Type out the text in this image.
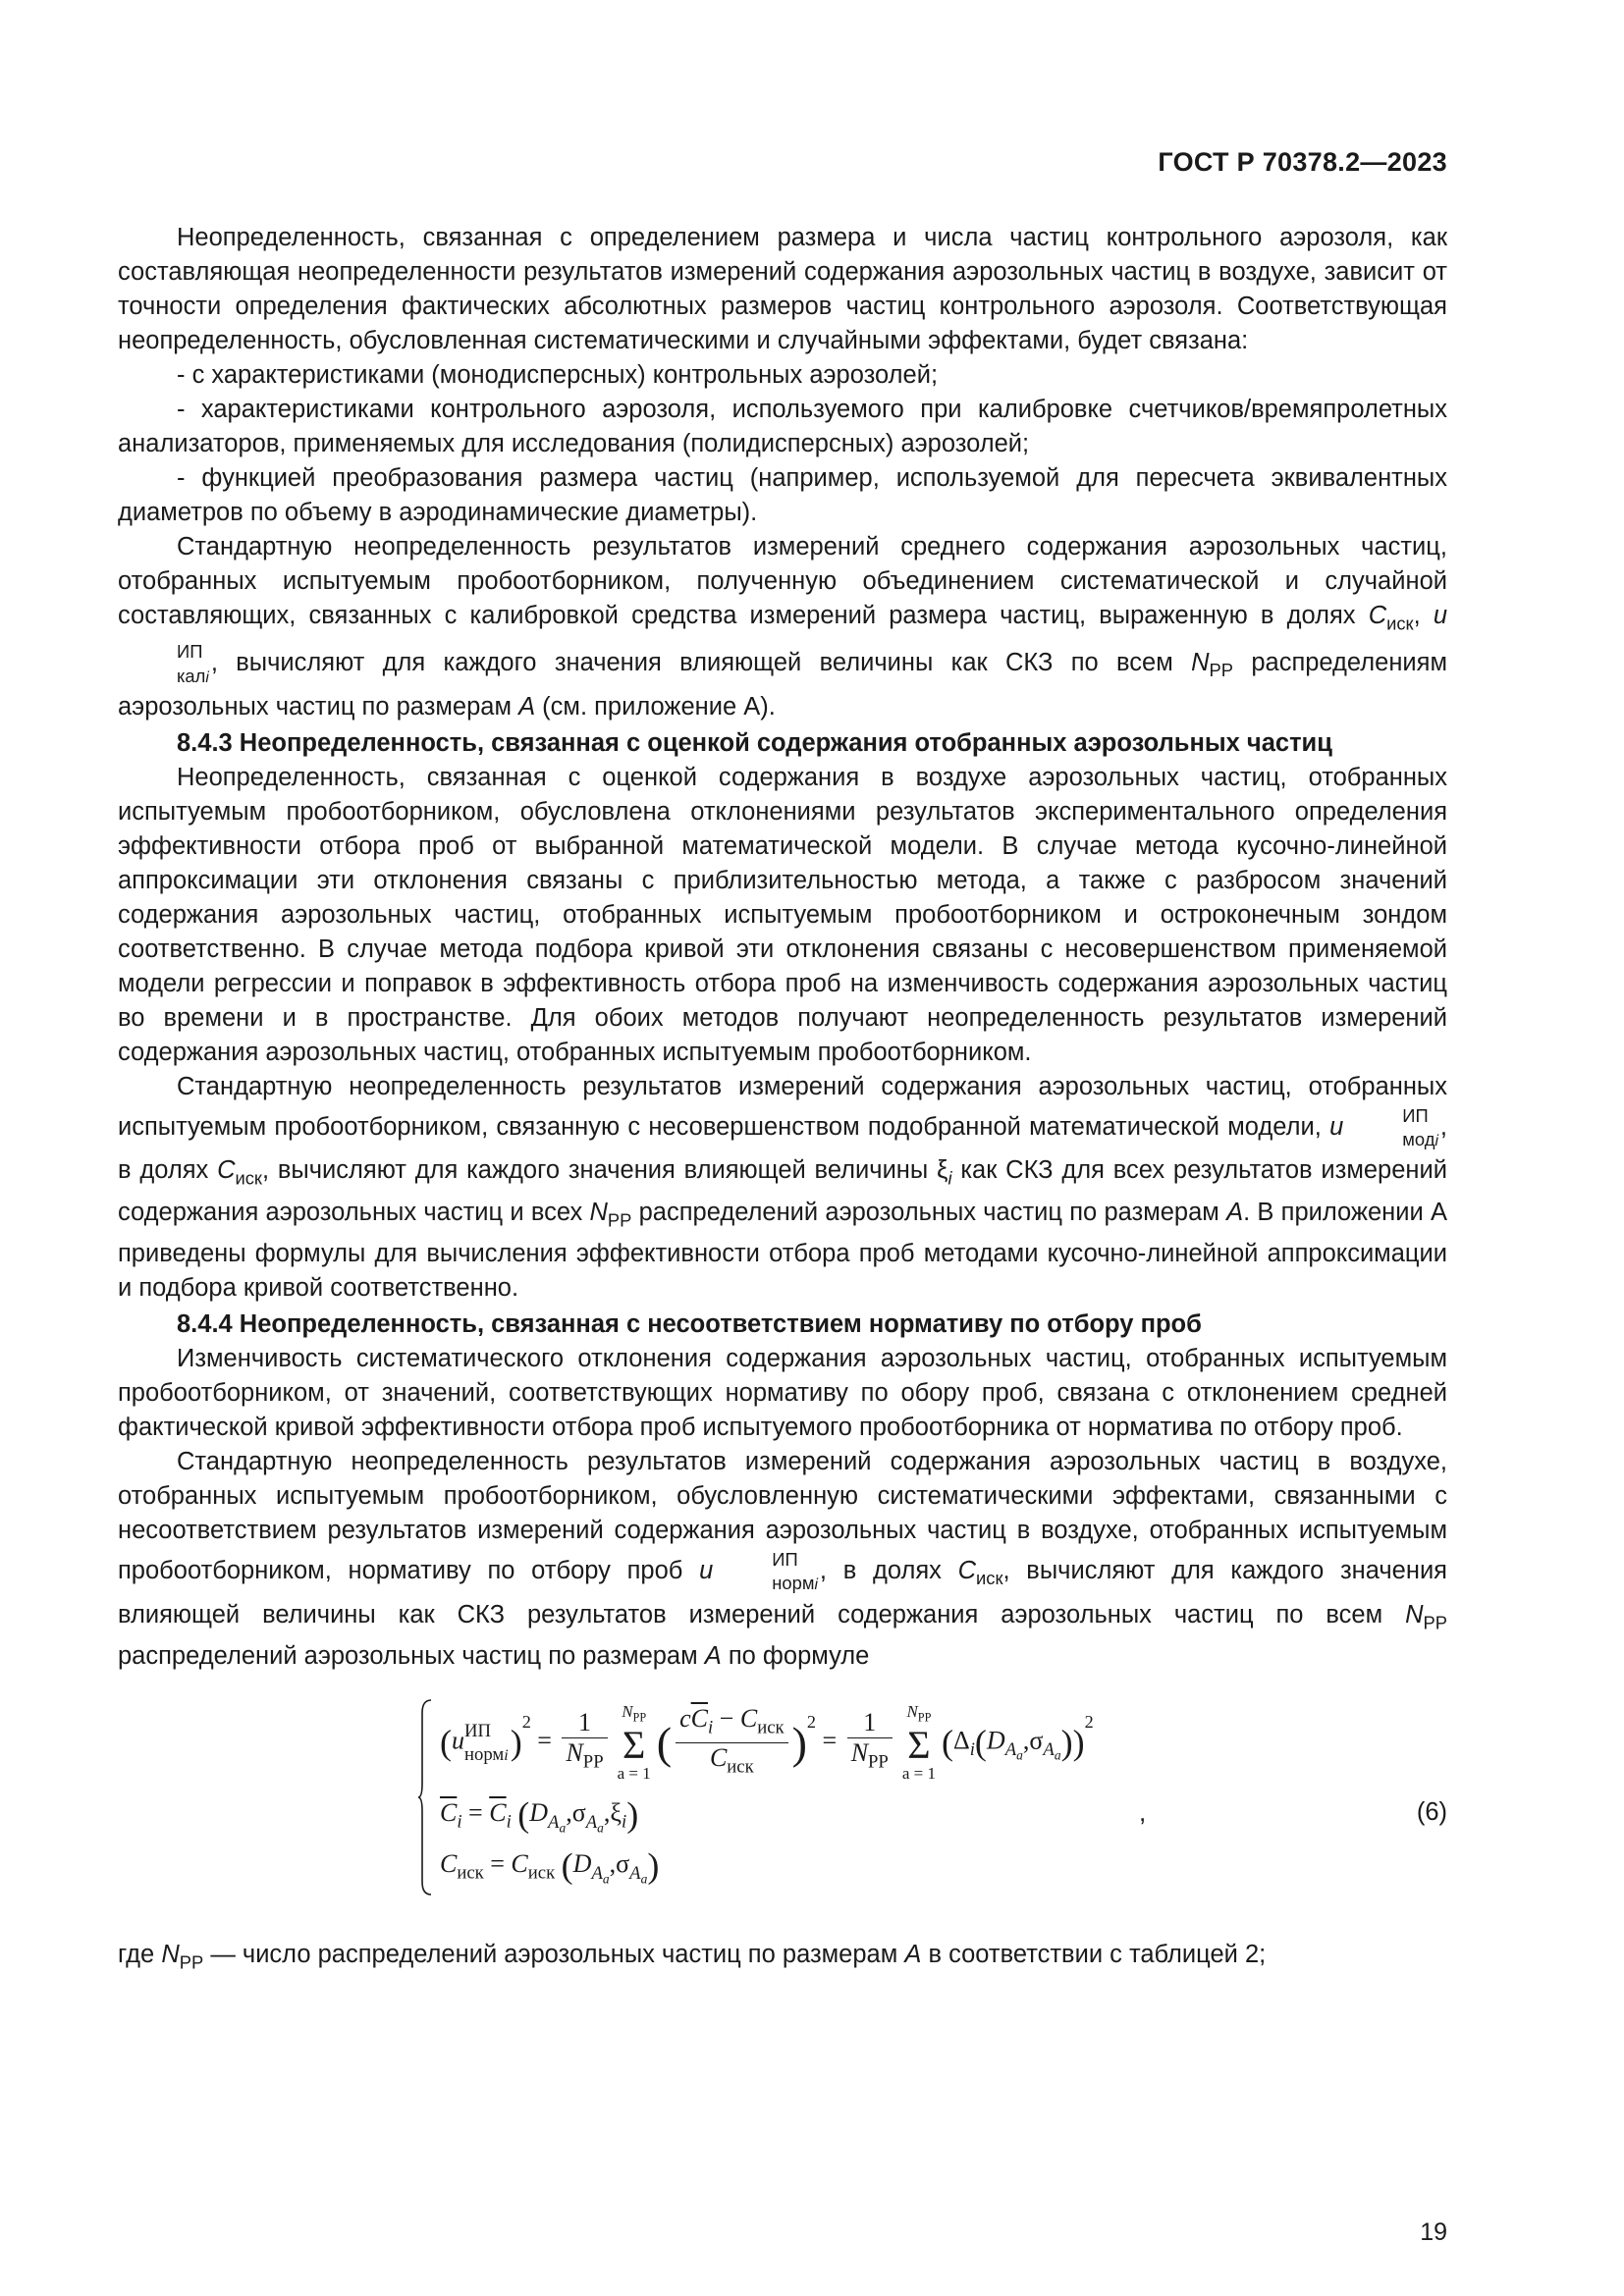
ГОСТ Р 70378.2—2023

Неопределенность, связанная с определением размера и числа частиц контрольного аэрозоля, как составляющая неопределенности результатов измерений содержания аэрозольных частиц в воздухе, зависит от точности определения фактических абсолютных размеров частиц контрольного аэрозоля. Соответствующая неопределенность, обусловленная систематическими и случайными эффектами, будет связана:

- с характеристиками (монодисперсных) контрольных аэрозолей;

- характеристиками контрольного аэрозоля, используемого при калибровке счетчиков/времяпролетных анализаторов, применяемых для исследования (полидисперсных) аэрозолей;

- функцией преобразования размера частиц (например, используемой для пересчета эквивалентных диаметров по объему в аэродинамические диаметры).

Стандартную неопределенность результатов измерений среднего содержания аэрозольных частиц, отобранных испытуемым пробоотборником, полученную объединением систематической и случайной составляющих, связанных с калибровкой средства измерений размера частиц, выраженную в долях $C_{иск}$, u
ИП
калi
, вычисляют для каждого значения влияющей величины как СКЗ по всем $N_{PP}$ распределениям аэрозольных частиц по размерам A (см. приложение А).

8.4.3 Неопределенность, связанная с оценкой содержания отобранных аэрозольных частиц

Неопределенность, связанная с оценкой содержания в воздухе аэрозольных частиц, отобранных испытуемым пробоотборником, обусловлена отклонениями результатов экспериментального определения эффективности отбора проб от выбранной математической модели. В случае метода кусочно-линейной аппроксимации эти отклонения связаны с приблизительностью метода, а также с разбросом значений содержания аэрозольных частиц, отобранных испытуемым пробоотборником и остроконечным зондом соответственно. В случае метода подбора кривой эти отклонения связаны с несовершенством применяемой модели регрессии и поправок в эффективность отбора проб на изменчивость содержания аэрозольных частиц во времени и в пространстве. Для обоих методов получают неопределенность результатов измерений содержания аэрозольных частиц, отобранных испытуемым пробоотборником.

Стандартную неопределенность результатов измерений содержания аэрозольных частиц, отобранных испытуемым пробоотборником, связанную с несовершенством подобранной математической модели, u	ИП
модi
, в долях $C_{иск}$, вычисляют для каждого значения влияющей величины $\xi_i$ как СКЗ для всех результатов измерений содержания аэрозольных частиц и всех $N_{PP}$ распределений аэрозольных частиц по размерам A. В приложении А приведены формулы для вычисления эффективности отбора проб методами кусочно-линейной аппроксимации и подбора кривой соответственно.

8.4.4 Неопределенность, связанная с несоответствием нормативу по отбору проб

Изменчивость систематического отклонения содержания аэрозольных частиц, отобранных испытуемым пробоотборником, от значений, соответствующих нормативу по обору проб, связана с отклонением средней фактической кривой эффективности отбора проб испытуемого пробоотборника от норматива по отбору проб.

Стандартную неопределенность результатов измерений содержания аэрозольных частиц в воздухе, отобранных испытуемым пробоотборником, обусловленную систематическими эффектами, связанными с несоответствием результатов измерений содержания аэрозольных частиц в воздухе, отобранных испытуемым пробоотборником, нормативу по отбору проб u	ИП
нормi
, в долях $C_{иск}$, вычисляют для каждого значения влияющей величины как СКЗ результатов измерений содержания аэрозольных частиц по всем $N_{PP}$ распределений аэрозольных частиц по размерам A по формуле

(u ИП
нормi )$^2 = \frac{1}{N_{PP}} N_{PP}$
Σ
a = 1
( $\frac{c\overline{C}_i - C_{иск}}{C_{иск}} )^2 = \frac{1}{N_{PP}} N_{PP}$
Σ
a = 1
$(\Delta_i(D_{A_a},\sigma_{A_a}))^2$
$\overline{C}_i = \overline{C}_i$ $(D_{A_a},\sigma_{A_a},\xi_i)$
$C_{иск} = C_{иск}$ $(D_{A_a},\sigma_{A_a})$
,	(6)

где $N_{PP}$ — число распределений аэрозольных частиц по размерам A в соответствии с таблицей 2;

19
